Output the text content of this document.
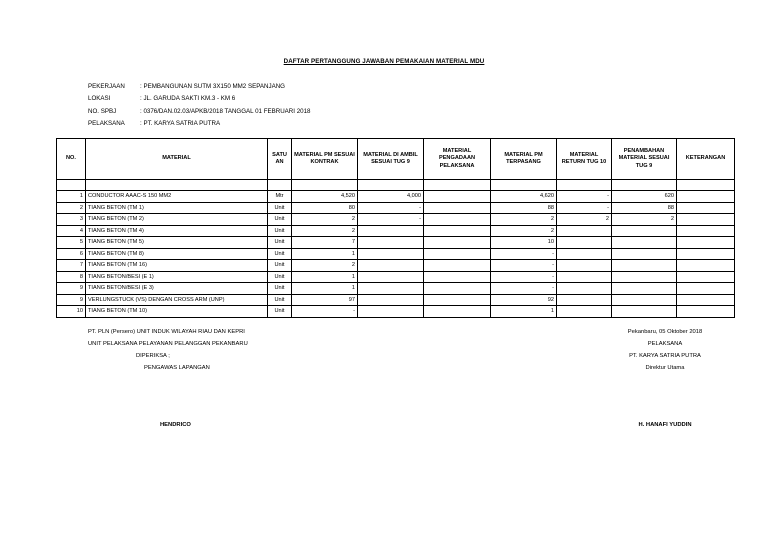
DAFTAR PERTANGGUNG JAWABAN PEMAKAIAN MATERIAL MDU
PEKERJAAN	: PEMBANGUNAN SUTM 3X150 MM2 SEPANJANG
LOKASI	: JL. GARUDA SAKTI KM.3 - KM 6
NO. SPBJ	: 0376/DAN.02.03/APKB/2018 TANGGAL 01 FEBRUARI 2018
PELAKSANA	: PT. KARYA SATRIA PUTRA
NO.	MATERIAL	SATU AN	MATERIAL PM SESUAI KONTRAK	MATERIAL DI AMBIL SESUAI TUG 9	MATERIAL PENGADAAN PELAKSANA	MATERIAL PM TERPASANG	MATERIAL RETURN TUG 10	PENAMBAHAN MATERIAL SESUAI TUG 9	KETERANGAN

1	CONDUCTOR AAAC-S 150 MM2	Mtr	4,520	4,000		4,620	-	620	
2	TIANG BETON (TM 1)	Unit	80	-		88	-	88	
3	TIANG BETON (TM 2)	Unit	2	-		2	2	2	
4	TIANG BETON (TM 4)	Unit	2			2			
5	TIANG BETON (TM 5)	Unit	7			10			
6	TIANG BETON (TM 8)	Unit	1			-			
7	TIANG BETON (TM 16)	Unit	2			-			
8	TIANG BETON/BESI (E 1)	Unit	1			-			
9	TIANG BETON/BESI (E 3)	Unit	1			-			
9	VERLUNGSTUCK (VS) DENGAN CROSS ARM (UNP)	Unit	97			92			
10	TIANG BETON (TM 10)	Unit	-			1			
PT. PLN (Persero) UNIT INDUK WILAYAH RIAU DAN KEPRI
UNIT PELAKSANA PELAYANAN PELANGGAN PEKANBARU
DIPERIKSA ;
PENGAWAS LAPANGAN
Pekanbaru, 05 Oktober 2018
PELAKSANA
PT. KARYA SATRIA PUTRA
Direktur Utama
HENDRICO	H. HANAFI YUDDIN
